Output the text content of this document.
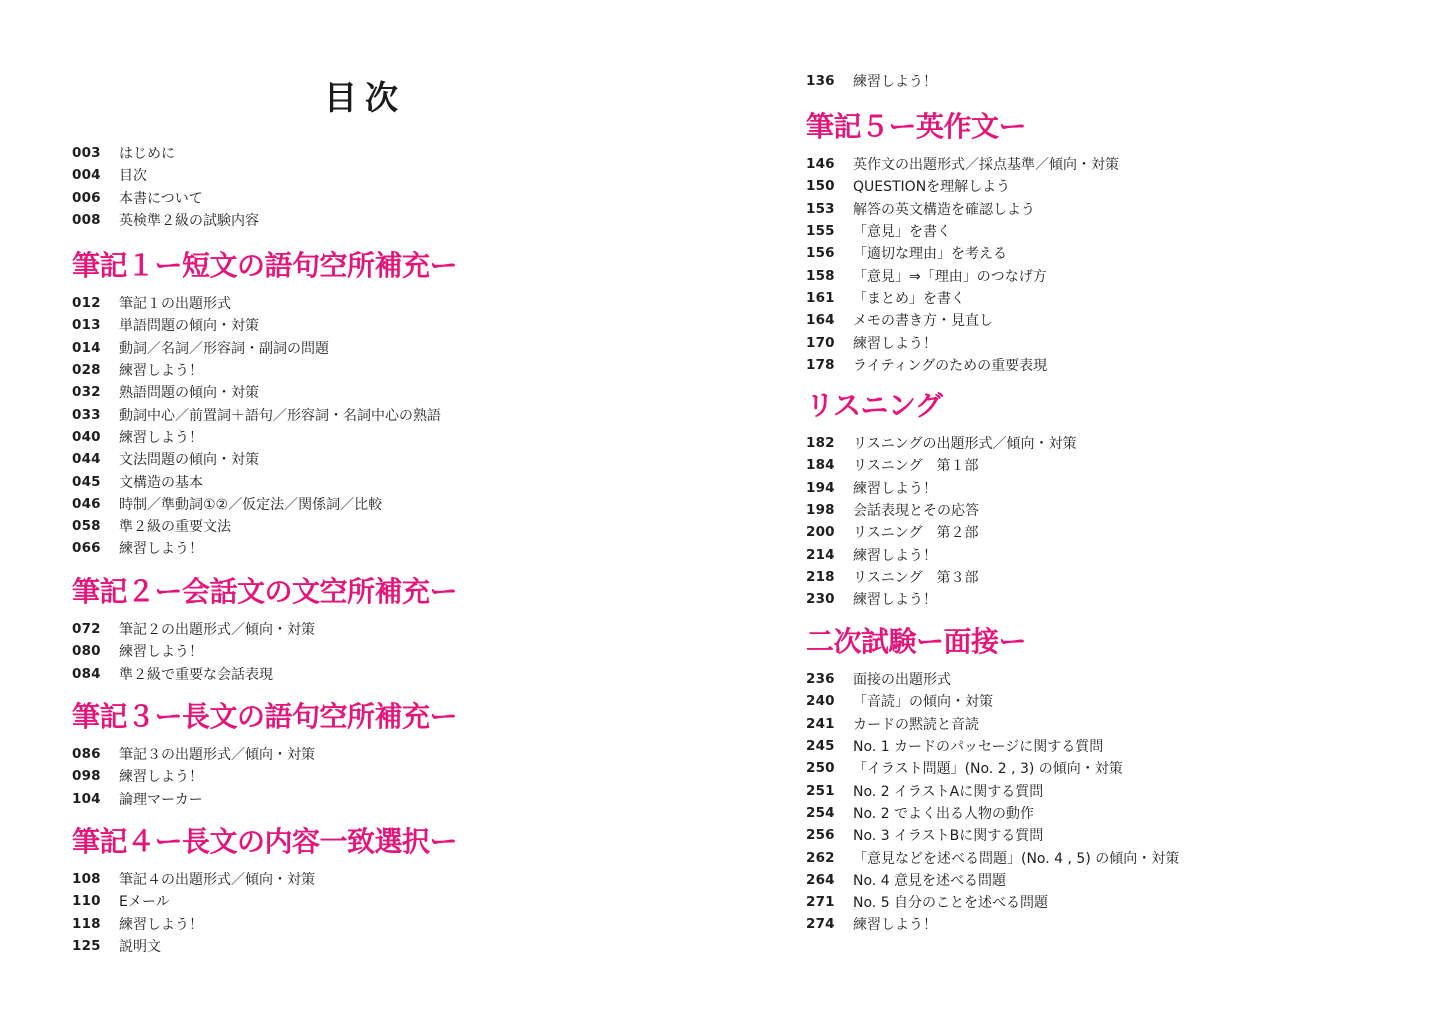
目次
003	はじめに
004	目次
006	本書について
008	英検準２級の試験内容
筆記１ー短文の語句空所補充ー
012	筆記１の出題形式
013	単語問題の傾向・対策
014	動詞／名詞／形容詞・副詞の問題
028	練習しよう！
032	熟語問題の傾向・対策
033	動詞中心／前置詞＋語句／形容詞・名詞中心の熟語
040	練習しよう！
044	文法問題の傾向・対策
045	文構造の基本
046	時制／準動詞①②／仮定法／関係詞／比較
058	準２級の重要文法
066	練習しよう！
筆記２ー会話文の文空所補充ー
072	筆記２の出題形式／傾向・対策
080	練習しよう！
084	準２級で重要な会話表現
筆記３ー長文の語句空所補充ー
086	筆記３の出題形式／傾向・対策
098	練習しよう！
104	論理マーカー
筆記４ー長文の内容一致選択ー
108	筆記４の出題形式／傾向・対策
110	Eメール
118	練習しよう！
125	説明文
136	練習しよう！
筆記５ー英作文ー
146	英作文の出題形式／採点基準／傾向・対策
150	QUESTIONを理解しよう
153	解答の英文構造を確認しよう
155	「意見」を書く
156	「適切な理由」を考える
158	「意見」⇒「理由」のつなげ方
161	「まとめ」を書く
164	メモの書き方・見直し
170	練習しよう！
178	ライティングのための重要表現
リスニング
182	リスニングの出題形式／傾向・対策
184	リスニング　第１部
194	練習しよう！
198	会話表現とその応答
200	リスニング　第２部
214	練習しよう！
218	リスニング　第３部
230	練習しよう！
二次試験ー面接ー
236	面接の出題形式
240	「音読」の傾向・対策
241	カードの黙読と音読
245	No. 1 カードのパッセージに関する質問
250	「イラスト問題」(No. 2 , 3) の傾向・対策
251	No. 2 イラストAに関する質問
254	No. 2 でよく出る人物の動作
256	No. 3 イラストBに関する質問
262	「意見などを述べる問題」(No. 4 , 5) の傾向・対策
264	No. 4 意見を述べる問題
271	No. 5 自分のことを述べる問題
274	練習しよう！
